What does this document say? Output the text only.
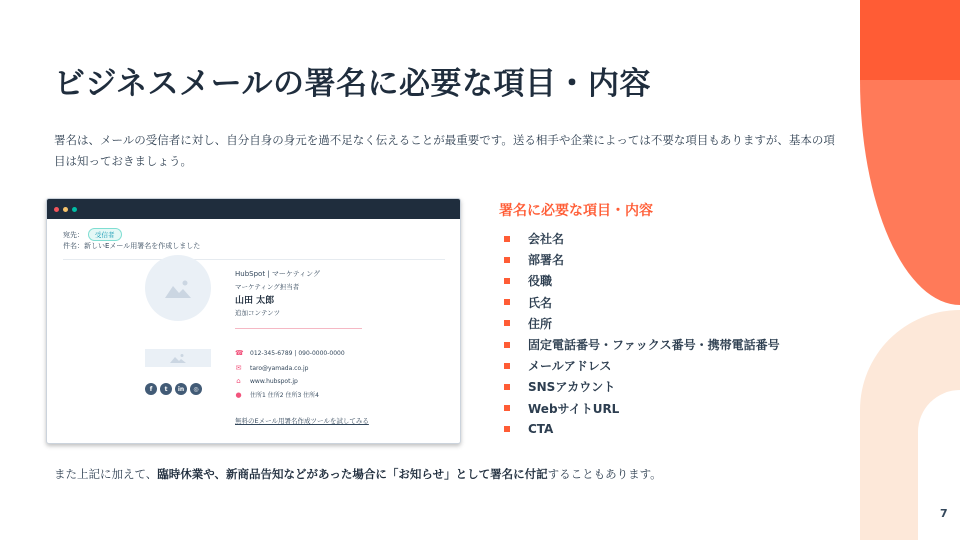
ビジネスメールの署名に必要な項目・内容

署名は、メールの受信者に対し、自分自身の身元を過不足なく伝えることが最重要です。送る相手や企業によっては不要な項目もありますが、基本の項目は知っておきましょう。

宛先：	受信者
件名：新しいEメール用署名を作成しました
f	t	in	◎
HubSpot | マーケティング
マーケティング担当者
山田 太郎
追加コンテンツ
☎ 012-345-6789 | 090-0000-0000
✉ taro@yamada.co.jp
⌂ www.hubspot.jp
● 住所1 住所2 住所3 住所4
無料のEメール用署名作成ツールを試してみる
署名に必要な項目・内容
会社名
部署名
役職
氏名
住所
固定電話番号・ファックス番号・携帯電話番号
メールアドレス
SNSアカウント
WebサイトURL
CTA

また上記に加えて、臨時休業や、新商品告知などがあった場合に「お知らせ」として署名に付記することもあります。

7
